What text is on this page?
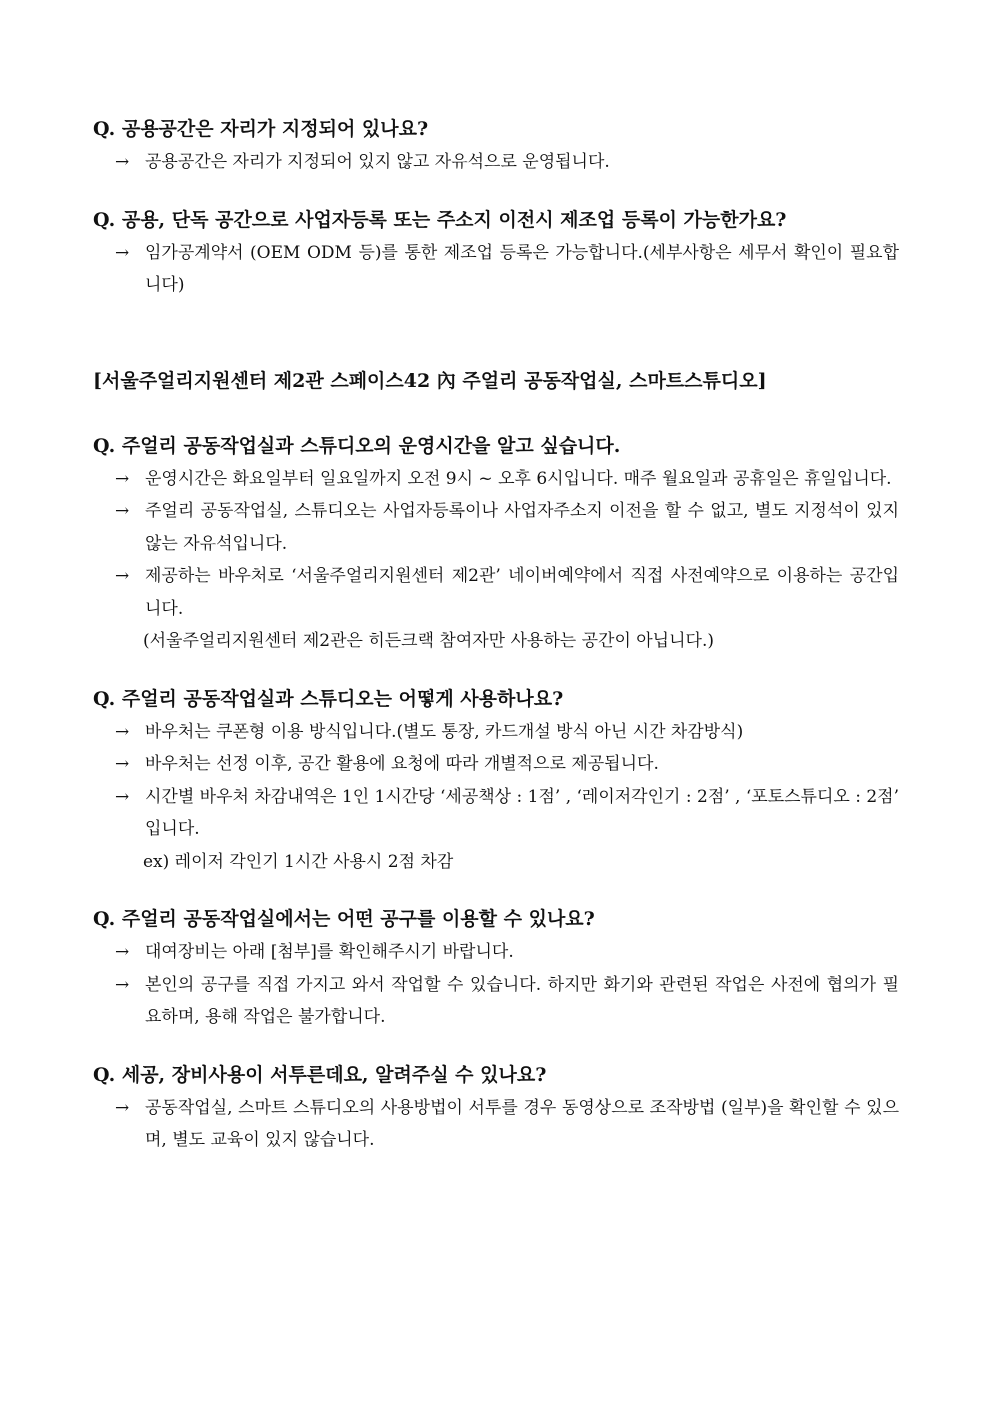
Q. 공용공간은 자리가 지정되어 있나요?

→ 공용공간은 자리가 지정되어 있지 않고 자유석으로 운영됩니다.

Q. 공용, 단독 공간으로 사업자등록 또는 주소지 이전시 제조업 등록이 가능한가요?

→ 임가공계약서 (OEM ODM 등)를 통한 제조업 등록은 가능합니다.(세부사항은 세무서 확인이 필요합니다)

[서울주얼리지원센터 제2관 스페이스42 內 주얼리 공동작업실, 스마트스튜디오]

Q. 주얼리 공동작업실과 스튜디오의 운영시간을 알고 싶습니다.

→ 운영시간은 화요일부터 일요일까지 오전 9시 ~ 오후 6시입니다. 매주 월요일과 공휴일은 휴일입니다.
→ 주얼리 공동작업실, 스튜디오는 사업자등록이나 사업자주소지 이전을 할 수 없고, 별도 지정석이 있지 않는 자유석입니다.
→ 제공하는 바우처로 ‘서울주얼리지원센터 제2관’ 네이버예약에서 직접 사전예약으로 이용하는 공간입니다.

(서울주얼리지원센터 제2관은 히든크랙 참여자만 사용하는 공간이 아닙니다.)

Q. 주얼리 공동작업실과 스튜디오는 어떻게 사용하나요?

→ 바우처는 쿠폰형 이용 방식입니다.(별도 통장, 카드개설 방식 아닌 시간 차감방식)
→ 바우처는 선정 이후, 공간 활용에 요청에 따라 개별적으로 제공됩니다.
→ 시간별 바우처 차감내역은 1인 1시간당 ‘세공책상 : 1점’ , ‘레이저각인기 : 2점’ , ‘포토스튜디오 : 2점’ 입니다.

ex) 레이저 각인기 1시간 사용시 2점 차감

Q. 주얼리 공동작업실에서는 어떤 공구를 이용할 수 있나요?

→ 대여장비는 아래 [첨부]를 확인해주시기 바랍니다.
→ 본인의 공구를 직접 가지고 와서 작업할 수 있습니다. 하지만 화기와 관련된 작업은 사전에 협의가 필요하며, 용해 작업은 불가합니다.

Q. 세공, 장비사용이 서투른데요, 알려주실 수 있나요?

→ 공동작업실, 스마트 스튜디오의 사용방법이 서투를 경우 동영상으로 조작방법 (일부)을 확인할 수 있으며, 별도 교육이 있지 않습니다.
